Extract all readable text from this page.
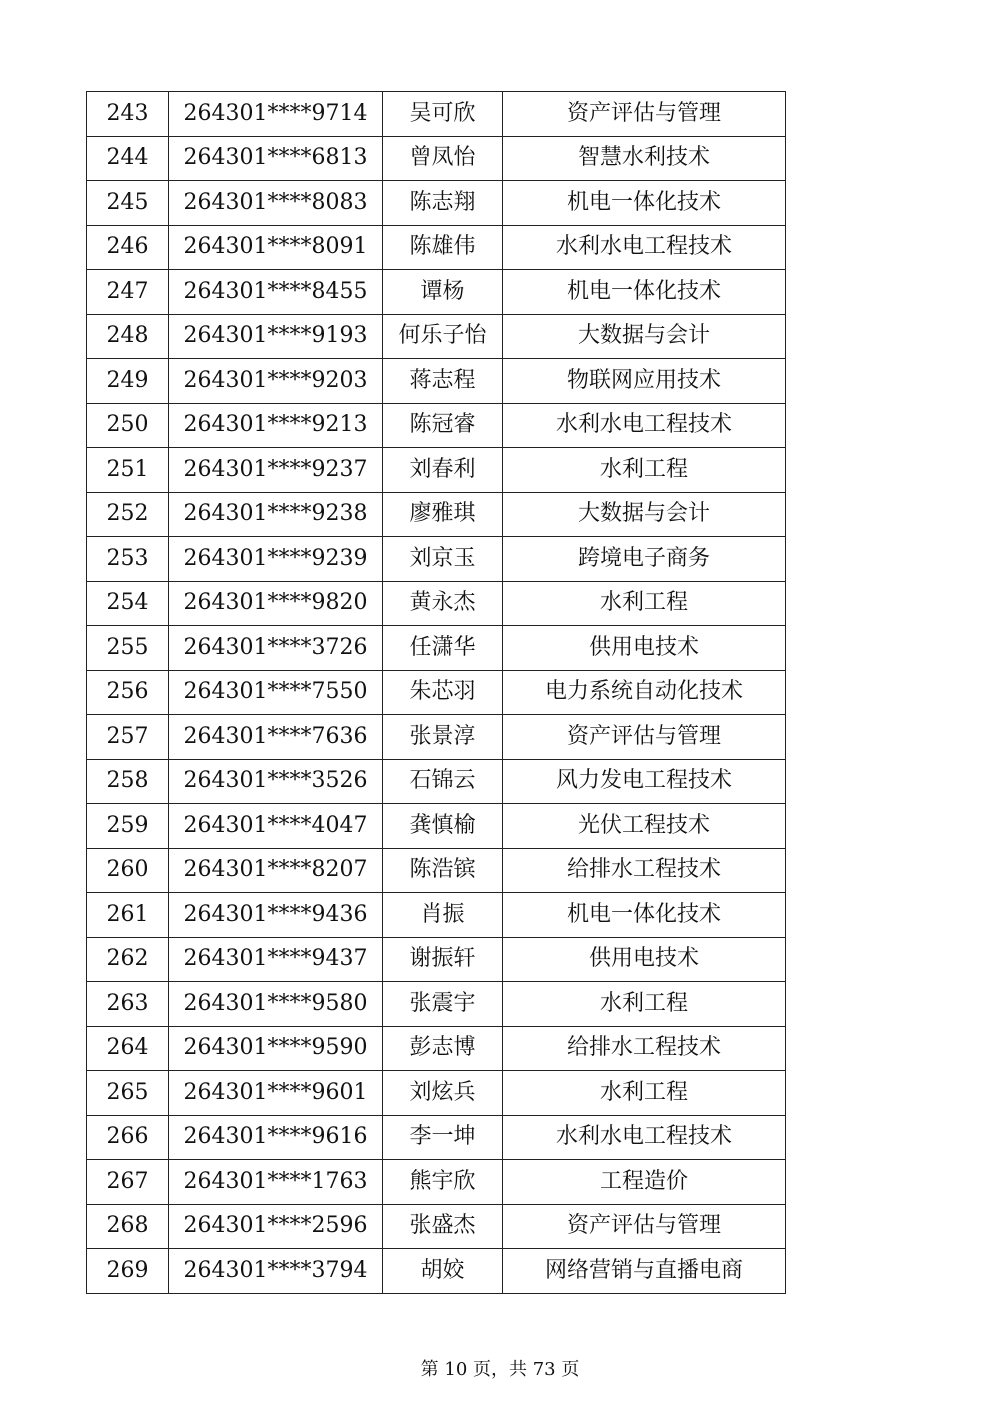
243	264301****9714	吴可欣	资产评估与管理
244	264301****6813	曾凤怡	智慧水利技术
245	264301****8083	陈志翔	机电一体化技术
246	264301****8091	陈雄伟	水利水电工程技术
247	264301****8455	谭杨	机电一体化技术
248	264301****9193	何乐子怡	大数据与会计
249	264301****9203	蒋志程	物联网应用技术
250	264301****9213	陈冠睿	水利水电工程技术
251	264301****9237	刘春利	水利工程
252	264301****9238	廖雅琪	大数据与会计
253	264301****9239	刘京玉	跨境电子商务
254	264301****9820	黄永杰	水利工程
255	264301****3726	任潇华	供用电技术
256	264301****7550	朱芯羽	电力系统自动化技术
257	264301****7636	张景淳	资产评估与管理
258	264301****3526	石锦云	风力发电工程技术
259	264301****4047	龚慎榆	光伏工程技术
260	264301****8207	陈浩镔	给排水工程技术
261	264301****9436	肖振	机电一体化技术
262	264301****9437	谢振轩	供用电技术
263	264301****9580	张震宇	水利工程
264	264301****9590	彭志博	给排水工程技术
265	264301****9601	刘炫兵	水利工程
266	264301****9616	李一坤	水利水电工程技术
267	264301****1763	熊宇欣	工程造价
268	264301****2596	张盛杰	资产评估与管理
269	264301****3794	胡姣	网络营销与直播电商
第 10 页，共 73 页
